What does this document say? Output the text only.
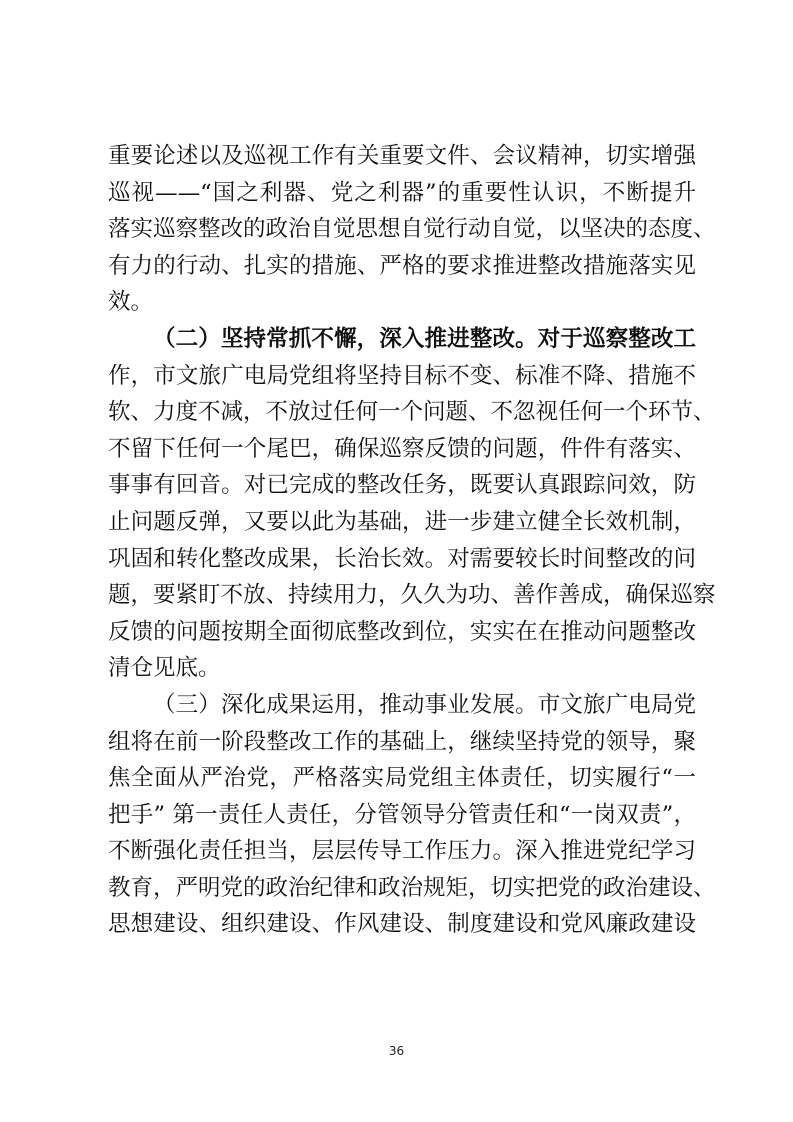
重要论述以及巡视工作有关重要文件、会议精神，切实增强
巡视——“国之利器、党之利器”的重要性认识，不断提升
落实巡察整改的政治自觉思想自觉行动自觉，以坚决的态度、
有力的行动、扎实的措施、严格的要求推进整改措施落实见
效。
（二）坚持常抓不懈，深入推进整改。对于巡察整改工
作，市文旅广电局党组将坚持目标不变、标准不降、措施不
软、力度不减，不放过任何一个问题、不忽视任何一个环节、
不留下任何一个尾巴，确保巡察反馈的问题，件件有落实、
事事有回音。对已完成的整改任务，既要认真跟踪问效，防
止问题反弹，又要以此为基础，进一步建立健全长效机制，
巩固和转化整改成果，长治长效。对需要较长时间整改的问
题，要紧盯不放、持续用力，久久为功、善作善成，确保巡察
反馈的问题按期全面彻底整改到位，实实在在推动问题整改
清仓见底。
（三）深化成果运用，推动事业发展。市文旅广电局党
组将在前一阶段整改工作的基础上，继续坚持党的领导，聚
焦全面从严治党，严格落实局党组主体责任，切实履行“一
把手” 第一责任人责任，分管领导分管责任和“一岗双责”，
不断强化责任担当，层层传导工作压力。深入推进党纪学习
教育，严明党的政治纪律和政治规矩，切实把党的政治建设、
思想建设、组织建设、作风建设、制度建设和党风廉政建设
36
